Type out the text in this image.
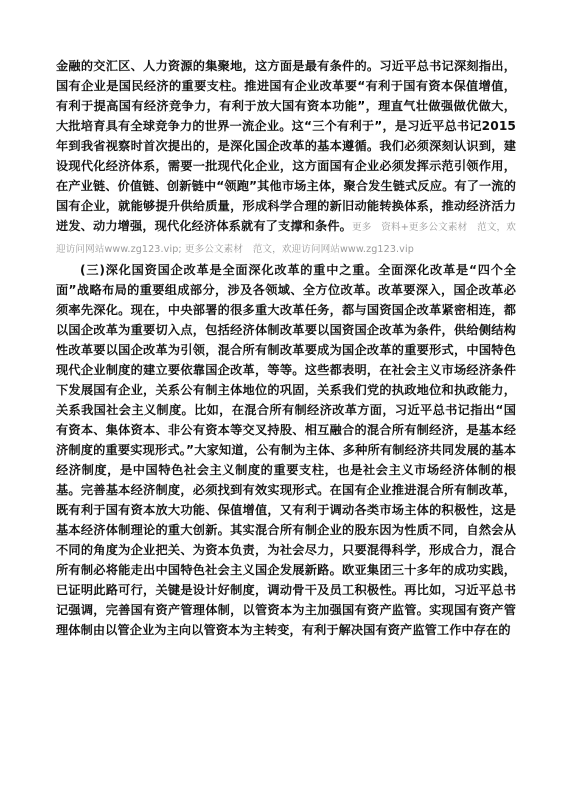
金融的交汇区、人力资源的集聚地，这方面是最有条件的。习近平总书记深刻指出，国有企业是国民经济的重要支柱。推进国有企业改革要“有利于国有资本保值增值，有利于提高国有经济竞争力，有利于放大国有资本功能”，理直气壮做强做优做大，大批培育具有全球竞争力的世界一流企业。这“三个有利于”，是习近平总书记2015年到我省视察时首次提出的，是深化国企改革的基本遵循。我们必须深刻认识到，建设现代化经济体系，需要一批现代化企业，这方面国有企业必须发挥示范引领作用，在产业链、价值链、创新链中“领跑”其他市场主体，聚合发生链式反应。有了一流的国有企业，就能够提升供给质量，形成科学合理的新旧动能转换体系，推动经济活力迸发、动力增强，现代化经济体系就有了支撑和条件。更多　资料+更多公文素材　范文，欢迎访问网站www.zg123.vip; 更多公文素材　范文，欢迎访问网站www.zg123.vip

(三)深化国资国企改革是全面深化改革的重中之重。全面深化改革是“四个全面”战略布局的重要组成部分，涉及各领域、全方位改革。改革要深入，国企改革必须率先深化。现在，中央部署的很多重大改革任务，都与国资国企改革紧密相连，都以国企改革为重要切入点，包括经济体制改革要以国资国企改革为条件，供给侧结构性改革要以国企改革为引领，混合所有制改革要成为国企改革的重要形式，中国特色现代企业制度的建立要依靠国企改革，等等。这些都表明，在社会主义市场经济条件下发展国有企业，关系公有制主体地位的巩固，关系我们党的执政地位和执政能力，关系我国社会主义制度。比如，在混合所有制经济改革方面，习近平总书记指出“国有资本、集体资本、非公有资本等交叉持股、相互融合的混合所有制经济，是基本经济制度的重要实现形式。”大家知道，公有制为主体、多种所有制经济共同发展的基本经济制度，是中国特色社会主义制度的重要支柱，也是社会主义市场经济体制的根基。完善基本经济制度，必须找到有效实现形式。在国有企业推进混合所有制改革，既有利于国有资本放大功能、保值增值，又有利于调动各类市场主体的积极性，这是基本经济体制理论的重大创新。其实混合所有制企业的股东因为性质不同，自然会从不同的角度为企业把关、为资本负责，为社会尽力，只要混得科学，形成合力，混合所有制必将能走出中国特色社会主义国企发展新路。欧亚集团三十多年的成功实践，已证明此路可行，关键是设计好制度，调动骨干及员工积极性。再比如，习近平总书记强调，完善国有资产管理体制，以管资本为主加强国有资产监管。实现国有资产管理体制由以管企业为主向以管资本为主转变，有利于解决国有资产监管工作中存在的
